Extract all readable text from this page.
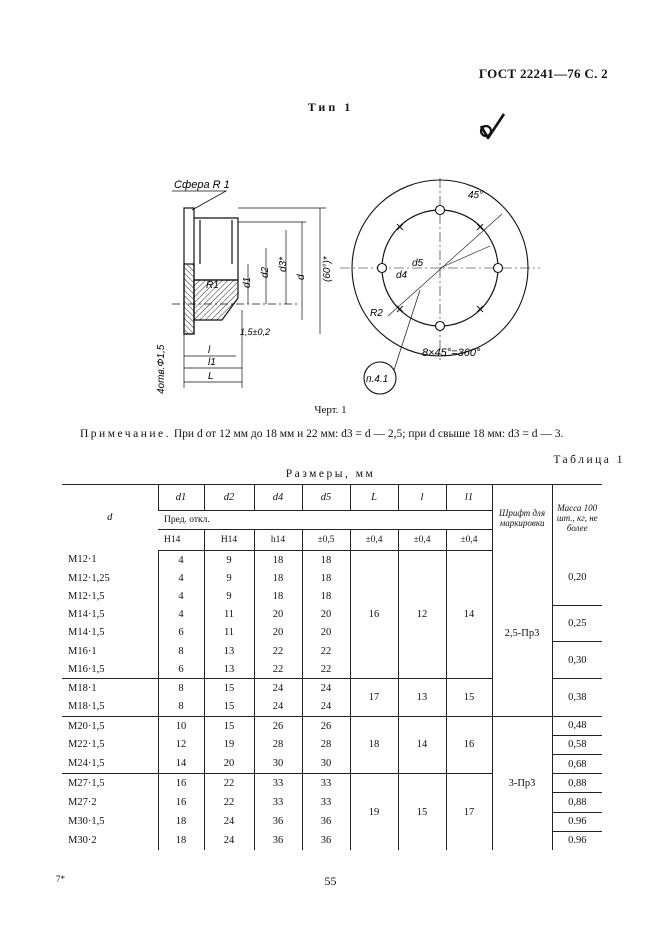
ГОСТ 22241—76 С. 2
Тип 1
Сфера R 1
R1 d1
d2
d3*
d (60°)*
1,5±0,2
l
l1
L
4отв.Ф1,5
45°
d5
d4
R2
8×45°=360°
п.4.1
Черт. 1
Примечание. При d от 12 мм до 18 мм и 22 мм: d3 = d — 2,5; при d свыше 18 мм: d3 = d — 3.
Таблица 1
Размеры, мм
d	d1	d2	d4	d5	L	l	l1	Шрифт для маркировки	Масса 100 шт., кг, не более
	Пред. откл.								
	H14	H14	h14	±0,5	±0,4	±0,4	±0,4		
М12·1	4	9	18	18	16	12	14	2,5-Пр3	0,20
М12·1,25	4	9	18	18					
М12·1,5	4	9	18	18					
М14·1,5	4	11	20	20					0,25
М14·1,5	6	11	20	20					
М16·1	8	13	22	22					0,30
М16·1,5	6	13	22	22					
М18·1	8	15	24	24	17	13	15		0,38
М18·1,5	8	15	24	24					
М20·1,5	10	15	26	26	18	14	16	3-Пр3	0,48
М22·1,5	12	19	28	28					0,58
М24·1,5	14	20	30	30					0,68
М27·1,5	16	22	33	33	19	15	17		0,88
М27·2	16	22	33	33					0,88
М30·1,5	18	24	36	36					0.96
М30·2	18	24	36	36					0.96
7*	55
